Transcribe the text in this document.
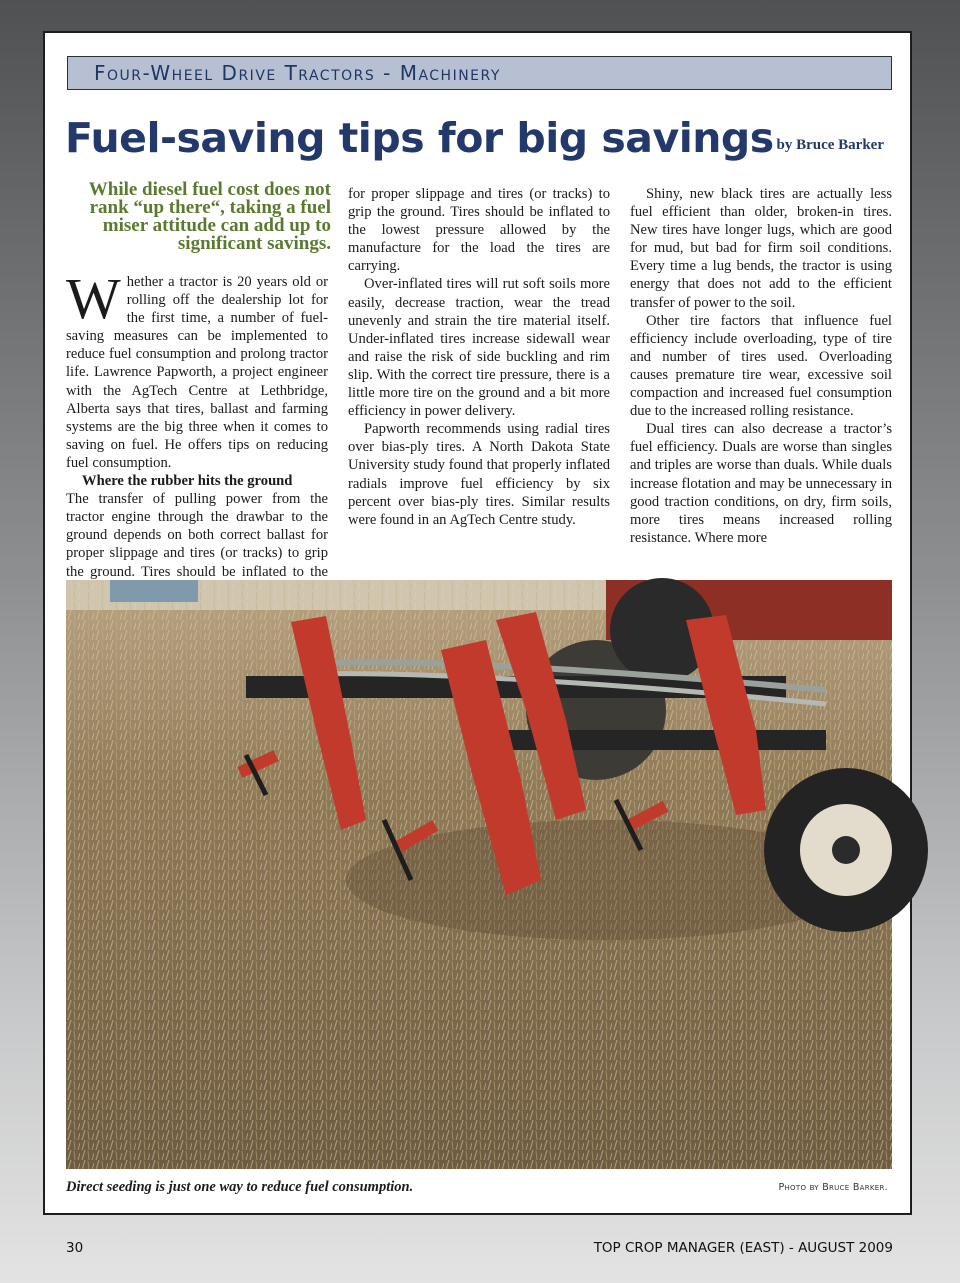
Four-Wheel Drive Tractors - Machinery
Fuel-saving tips for big savings by Bruce Barker

While diesel fuel cost does not rank “up there“, taking a fuel miser attitude can add up to significant savings.

Whether a tractor is 20 years old or rolling off the dealership lot for the first time, a number of fuel-saving measures can be implemented to reduce fuel consumption and prolong tractor life. Lawrence Papworth, a project engineer with the AgTech Centre at Lethbridge, Alberta says that tires, ballast and farming systems are the big three when it comes to saving on fuel. He offers tips on reducing fuel consumption.

Where the rubber hits the ground

The transfer of pulling power from the tractor engine through the drawbar to the ground depends on both correct ballast for proper slippage and tires (or tracks) to grip the ground. Tires should be inflated to the

for proper slippage and tires (or tracks) to grip the ground. Tires should be inflated to the lowest pressure allowed by the manufacture for the load the tires are carrying.

Over-inflated tires will rut soft soils more easily, decrease traction, wear the tread unevenly and strain the tire material itself. Under-inflated tires increase sidewall wear and raise the risk of side buckling and rim slip. With the correct tire pressure, there is a little more tire on the ground and a bit more efficiency in power delivery.

Papworth recommends using radial tires over bias-ply tires. A North Dakota State University study found that properly inflated radials improve fuel efficiency by six percent over bias-ply tires. Similar results were found in an AgTech Centre study.

Shiny, new black tires are actually less fuel efficient than older, broken-in tires. New tires have longer lugs, which are good for mud, but bad for firm soil conditions. Every time a lug bends, the tractor is using energy that does not add to the efficient transfer of power to the soil.

Other tire factors that influence fuel efficiency include overloading, type of tire and number of tires used. Overloading causes premature tire wear, excessive soil compaction and increased fuel consumption due to the increased rolling resistance.

Dual tires can also decrease a tractor’s fuel efficiency. Duals are worse than singles and triples are worse than duals. While duals increase flotation and may be unnecessary in good traction conditions, on dry, firm soils, more tires means increased rolling resistance. Where more

Direct seeding is just one way to reduce fuel consumption.	Photo by Bruce Barker.
30	TOP CROP MANAGER (EAST) - AUGUST 2009
